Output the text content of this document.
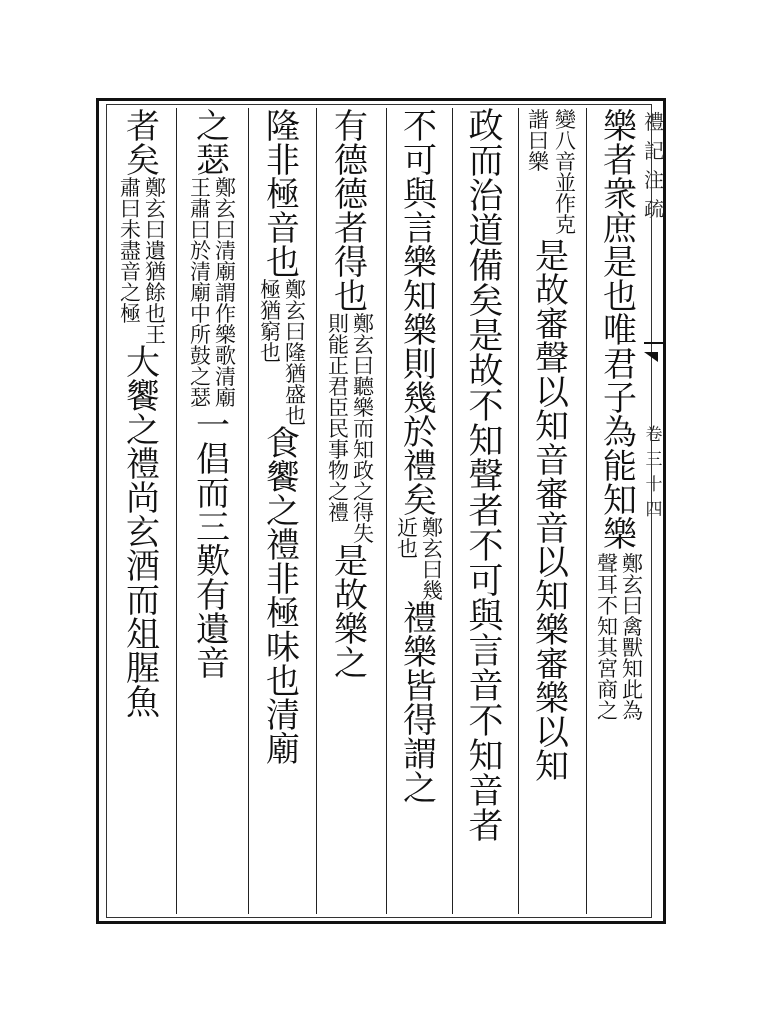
禮
記
注
疏
卷
三
十
四
樂
者
衆
庶
是
也
唯
君
子
為
能
知
樂
鄭
玄
曰
禽
獸
知
此
為
聲
耳
不
知
其
宮
商
之
變
八
音
並
作
克
諧
曰
樂
是
故
審
聲
以
知
音
審
音
以
知
樂
審
樂
以
知
政
而
治
道
備
矣
是
故
不
知
聲
者
不
可
與
言
音
不
知
音
者
不
可
與
言
樂
知
樂
則
幾
於
禮
矣
鄭
玄
曰
幾
近
也
禮
樂
皆
得
謂
之
有
德
德
者
得
也
鄭
玄
曰
聽
樂
而
知
政
之
得
失
則
能
正
君
臣
民
事
物
之
禮
是
故
樂
之
隆
非
極
音
也
鄭
玄
曰
隆
猶
盛
也
極
猶
窮
也
食
饗
之
禮
非
極
味
也
清
廟
之
瑟
鄭
玄
曰
清
廟
謂
作
樂
歌
清
廟
王
肅
曰
於
清
廟
中
所
鼓
之
瑟
一
倡
而
三
歎
有
遺
音
者
矣
鄭
玄
曰
遺
猶
餘
也
王
肅
曰
未
盡
音
之
極
大
饗
之
禮
尚
玄
酒
而
俎
腥
魚
